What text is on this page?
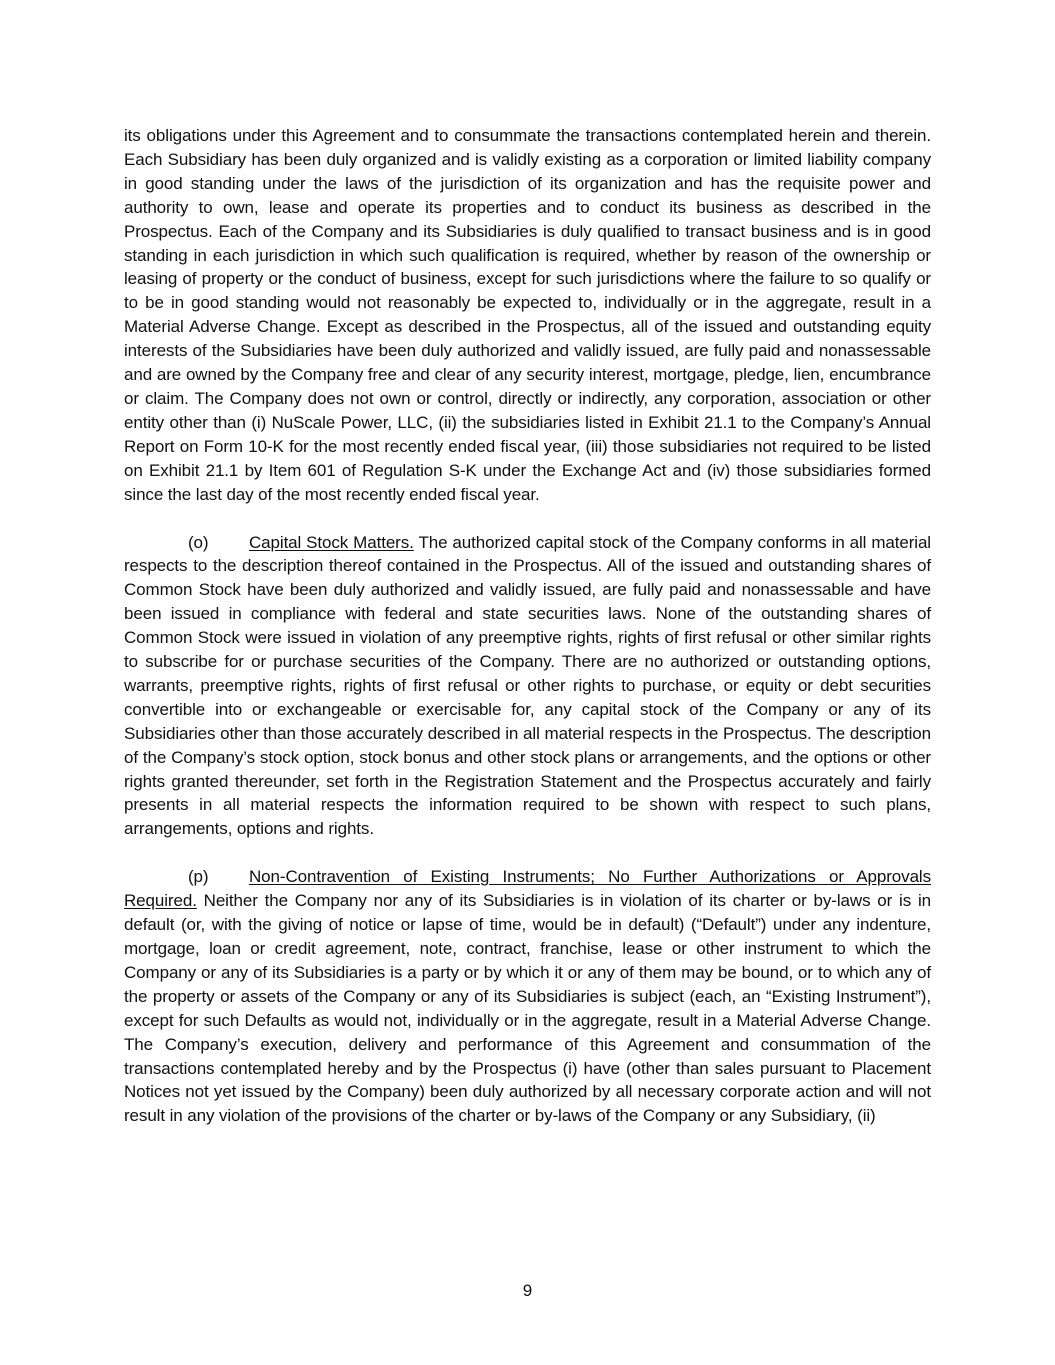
its obligations under this Agreement and to consummate the transactions contemplated herein and therein. Each Subsidiary has been duly organized and is validly existing as a corporation or limited liability company in good standing under the laws of the jurisdiction of its organization and has the requisite power and authority to own, lease and operate its properties and to conduct its business as described in the Prospectus. Each of the Company and its Subsidiaries is duly qualified to transact business and is in good standing in each jurisdiction in which such qualification is required, whether by reason of the ownership or leasing of property or the conduct of business, except for such jurisdictions where the failure to so qualify or to be in good standing would not reasonably be expected to, individually or in the aggregate, result in a Material Adverse Change. Except as described in the Prospectus, all of the issued and outstanding equity interests of the Subsidiaries have been duly authorized and validly issued, are fully paid and nonassessable and are owned by the Company free and clear of any security interest, mortgage, pledge, lien, encumbrance or claim. The Company does not own or control, directly or indirectly, any corporation, association or other entity other than (i) NuScale Power, LLC, (ii) the subsidiaries listed in Exhibit 21.1 to the Company’s Annual Report on Form 10-K for the most recently ended fiscal year, (iii) those subsidiaries not required to be listed on Exhibit 21.1 by Item 601 of Regulation S-K under the Exchange Act and (iv) those subsidiaries formed since the last day of the most recently ended fiscal year.

(o) Capital Stock Matters. The authorized capital stock of the Company conforms in all material respects to the description thereof contained in the Prospectus. All of the issued and outstanding shares of Common Stock have been duly authorized and validly issued, are fully paid and nonassessable and have been issued in compliance with federal and state securities laws. None of the outstanding shares of Common Stock were issued in violation of any preemptive rights, rights of first refusal or other similar rights to subscribe for or purchase securities of the Company. There are no authorized or outstanding options, warrants, preemptive rights, rights of first refusal or other rights to purchase, or equity or debt securities convertible into or exchangeable or exercisable for, any capital stock of the Company or any of its Subsidiaries other than those accurately described in all material respects in the Prospectus. The description of the Company’s stock option, stock bonus and other stock plans or arrangements, and the options or other rights granted thereunder, set forth in the Registration Statement and the Prospectus accurately and fairly presents in all material respects the information required to be shown with respect to such plans, arrangements, options and rights.

(p) Non-Contravention of Existing Instruments; No Further Authorizations or Approvals Required. Neither the Company nor any of its Subsidiaries is in violation of its charter or by-laws or is in default (or, with the giving of notice or lapse of time, would be in default) (“Default”) under any indenture, mortgage, loan or credit agreement, note, contract, franchise, lease or other instrument to which the Company or any of its Subsidiaries is a party or by which it or any of them may be bound, or to which any of the property or assets of the Company or any of its Subsidiaries is subject (each, an “Existing Instrument”), except for such Defaults as would not, individually or in the aggregate, result in a Material Adverse Change. The Company’s execution, delivery and performance of this Agreement and consummation of the transactions contemplated hereby and by the Prospectus (i) have (other than sales pursuant to Placement Notices not yet issued by the Company) been duly authorized by all necessary corporate action and will not result in any violation of the provisions of the charter or by-laws of the Company or any Subsidiary, (ii)

9
